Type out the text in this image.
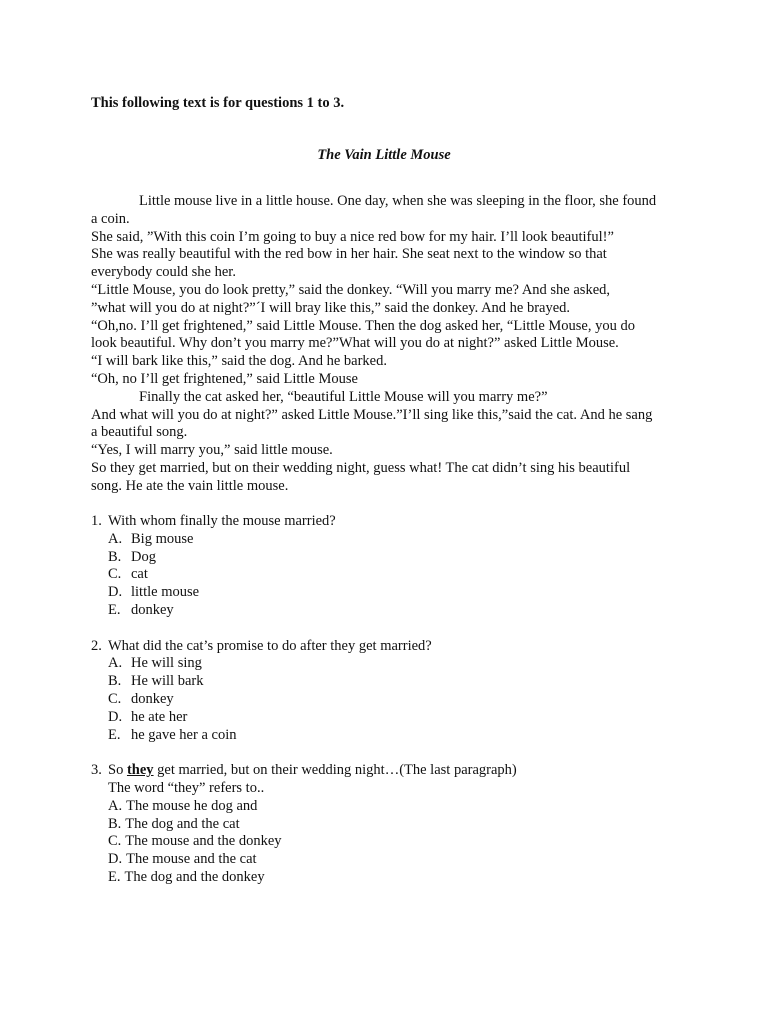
This following text is for questions 1 to 3.

The Vain Little Mouse

Little mouse live in a little house. One day, when she was sleeping in the floor, she found
a coin.
She said, ”With this coin I’m going to buy a nice red bow for my hair. I’ll look beautiful!”
She was really beautiful with the red bow in her hair. She seat next to the window so that
everybody could she her.
“Little Mouse, you do look pretty,” said the donkey. “Will you marry me? And she asked,
”what will you do at night?”´I will bray like this,” said the donkey. And he brayed.
“Oh,no. I’ll get frightened,” said Little Mouse. Then the dog asked her, “Little Mouse, you do
look beautiful. Why don’t you marry me?”What will you do at night?” asked Little Mouse.
“I will bark like this,” said the dog. And he barked.
“Oh, no I’ll get frightened,” said Little Mouse
Finally the cat asked her, “beautiful Little Mouse will you marry me?”
And what will you do at night?” asked Little Mouse.”I’ll sing like this,”said the cat. And he sang
a beautiful song.
“Yes, I will marry you,” said little mouse.
So they get married, but on their wedding night, guess what! The cat didn’t sing his beautiful
song. He ate the vain little mouse.
1. With whom finally the mouse married?
A. Big mouse
B. Dog
C. cat
D. little mouse
E. donkey
2. What did the cat’s promise to do after they get married?
A. He will sing
B. He will bark
C. donkey
D. he ate her
E. he gave her a coin
3. So they get married, but on their wedding night…(The last paragraph)
The word “they” refers to..
A. The mouse he dog and
B. The dog and the cat
C. The mouse and the donkey
D. The mouse and the cat
E. The dog and the donkey
